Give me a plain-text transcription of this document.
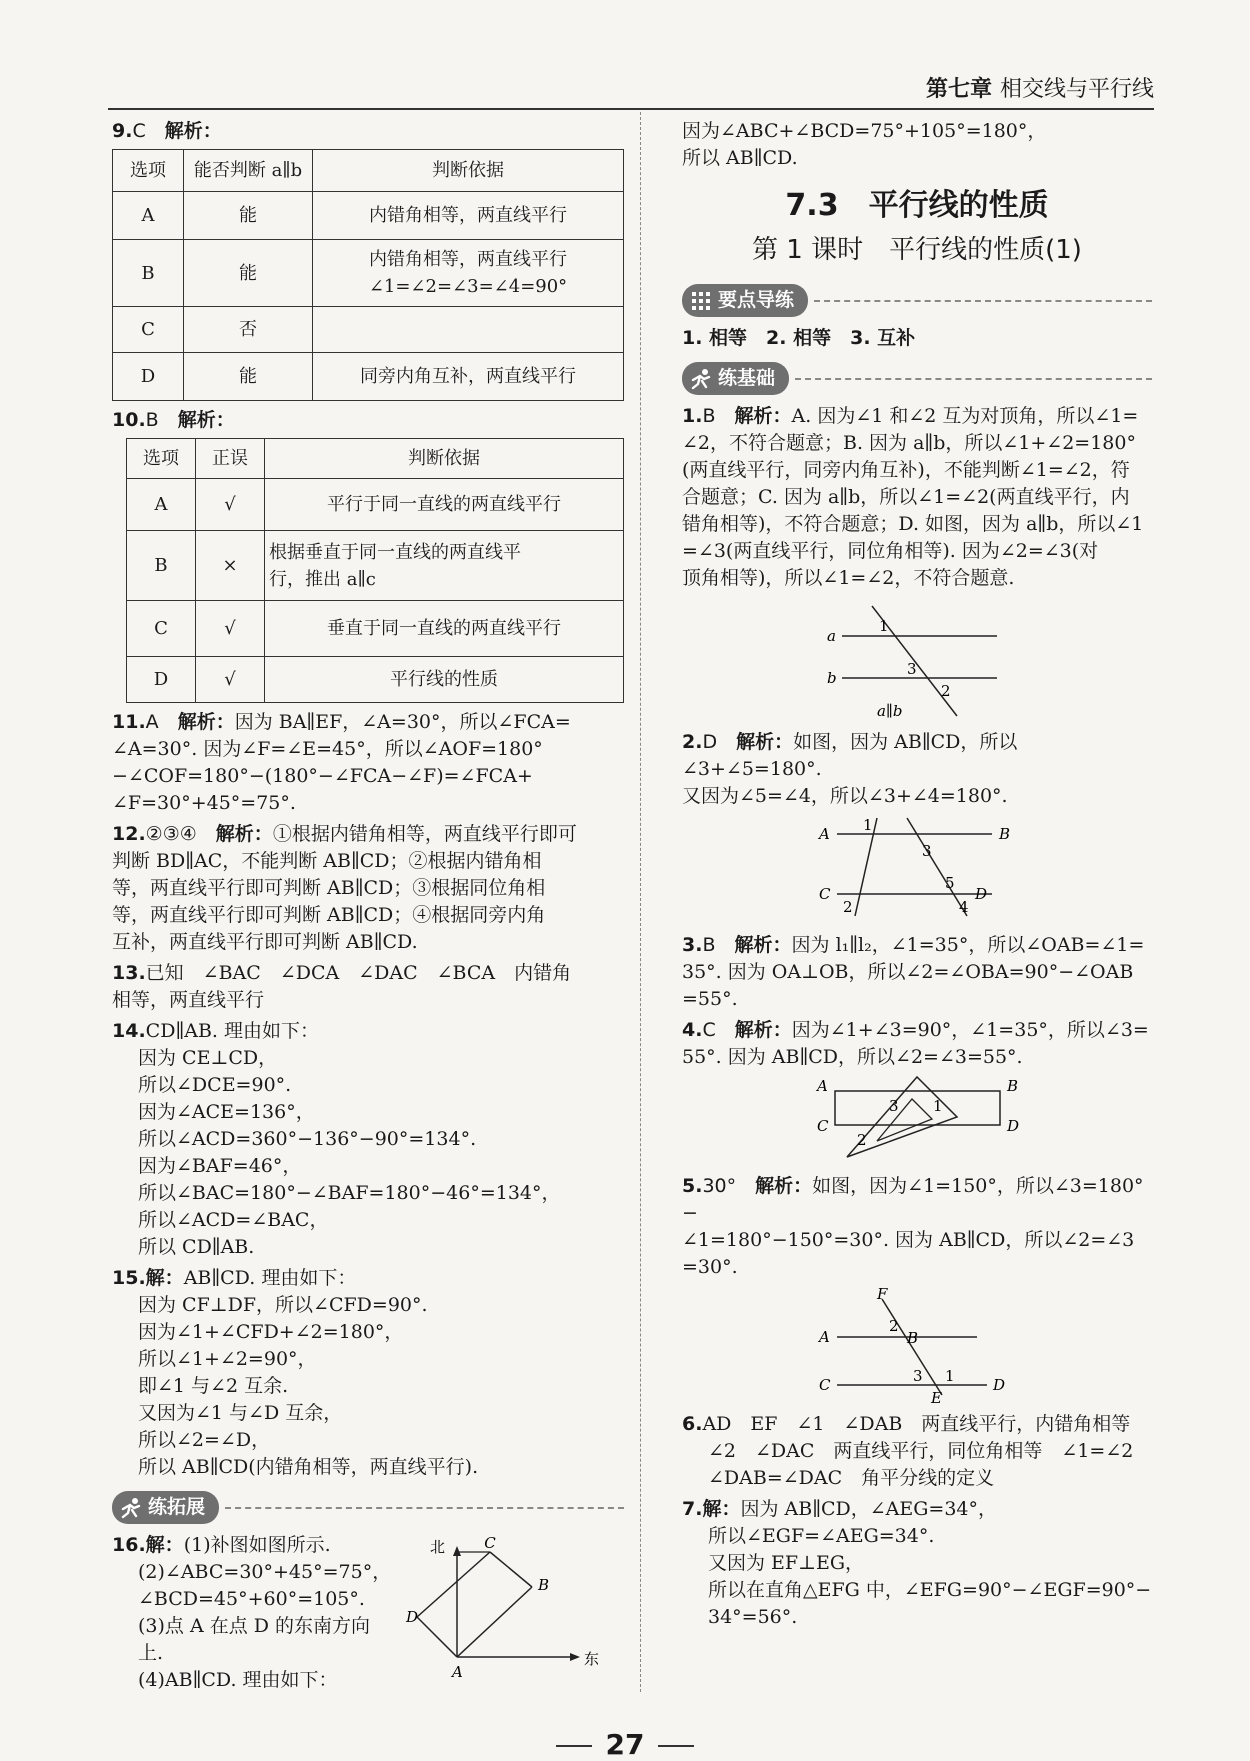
第七章 相交线与平行线
9.C　 解析：
选项	能否判断 a∥b	判断依据
A	能	内错角相等，两直线平行
B	能	内错角相等，两直线平行
∠1=∠2=∠3=∠4=90°

C	否	
D	能	同旁内角互补，两直线平行
10.B　 解析：
选项	正误	判断依据
A	√	平行于同一直线的两直线平行
B	×	根据垂直于同一直线的两直线平
行，推出 a∥c

C	√	垂直于同一直线的两直线平行
D	√	平行线的性质
11.A　 解析：因为 BA∥EF，∠A=30°，所以∠FCA=
∠A=30°. 因为∠F=∠E=45°，所以∠AOF=180°
−∠COF=180°−(180°−∠FCA−∠F)=∠FCA+
∠F=30°+45°=75°.
12.②③④　 解析：①根据内错角相等，两直线平行即可
判断 BD∥AC，不能判断 AB∥CD；②根据内错角相
等，两直线平行即可判断 AB∥CD；③根据同位角相
等，两直线平行即可判断 AB∥CD；④根据同旁内角
互补，两直线平行即可判断 AB∥CD.
13.已知　∠BAC　∠DCA　∠DAC　∠BCA　内错角
相等，两直线平行
14.CD∥AB. 理由如下：
因为 CE⊥CD，
所以∠DCE=90°.
因为∠ACE=136°，
所以∠ACD=360°−136°−90°=134°.
因为∠BAF=46°，
所以∠BAC=180°−∠BAF=180°−46°=134°，
所以∠ACD=∠BAC，
所以 CD∥AB.
15.解：AB∥CD. 理由如下：
因为 CF⊥DF，所以∠CFD=90°.
因为∠1+∠CFD+∠2=180°，
所以∠1+∠2=90°，
即∠1 与∠2 互余.
又因为∠1 与∠D 互余，
所以∠2=∠D，
所以 AB∥CD(内错角相等，两直线平行).
练拓展
16.解：(1)补图如图所示.
(2)∠ABC=30°+45°=75°，
∠BCD=45°+60°=105°.
(3)点 A 在点 D 的东南方向
上.
(4)AB∥CD. 理由如下：
C
B
D
A
北
东
因为∠ABC+∠BCD=75°+105°=180°，
所以 AB∥CD.
7.3　平行线的性质
第 1 课时　平行线的性质(1)
要点导练
1. 相等　2. 相等　3. 互补
练基础
1.B　 解析：A. 因为∠1 和∠2 互为对顶角，所以∠1=
∠2，不符合题意；B. 因为 a∥b，所以∠1+∠2=180°
(两直线平行，同旁内角互补)，不能判断∠1=∠2，符
合题意；C. 因为 a∥b，所以∠1=∠2(两直线平行，内
错角相等)，不符合题意；D. 如图，因为 a∥b，所以∠1
=∠3(两直线平行，同位角相等). 因为∠2=∠3(对
顶角相等)，所以∠1=∠2，不符合题意.
a
b
1
3
2
a∥b
2.D　 解析：如图，因为 AB∥CD，所以∠3+∠5=180°.
又因为∠5=∠4，所以∠3+∠4=180°.
A	B
C	D
1
3
5
2	4
3.B　 解析：因为 l₁∥l₂，∠1=35°，所以∠OAB=∠1=
35°. 因为 OA⊥OB，所以∠2=∠OBA=90°−∠OAB
=55°.
4.C　 解析：因为∠1+∠3=90°，∠1=35°，所以∠3=
55°. 因为 AB∥CD，所以∠2=∠3=55°.
A	B
C	D
3 1
2
5.30°　 解析：如图，因为∠1=150°，所以∠3=180°−
∠1=180°−150°=30°. 因为 AB∥CD，所以∠2=∠3
=30°.
F
A	B
C	D
E
2
3 1
6.AD　EF　∠1　∠DAB　两直线平行，内错角相等
∠2　∠DAC　两直线平行，同位角相等　∠1=∠2
∠DAB=∠DAC　角平分线的定义
7.解：因为 AB∥CD，∠AEG=34°，
所以∠EGF=∠AEG=34°.
又因为 EF⊥EG，
所以在直角△EFG 中，∠EFG=90°−∠EGF=90°−
34°=56°.
27
